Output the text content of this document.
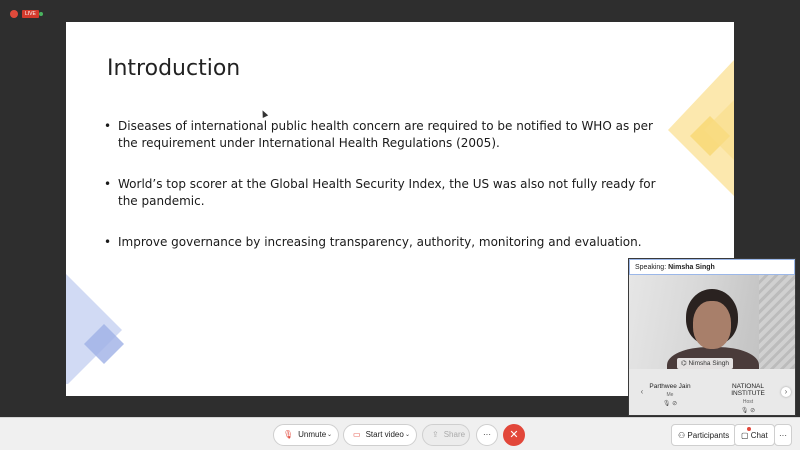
LIVE
Introduction
• Diseases of international public health concern are required to be notified to WHO as per the requirement under International Health Regulations (2005).
• World’s top scorer at the Global Health Security Index, the US was also not fully ready for the pandemic.
• Improve governance by increasing transparency, authority, monitoring and evaluation.
Speaking: Nimsha Singh
⌬ Nimsha Singh
‹
Parthwee Jain
Me
🎙 ⊘
NATIONAL INSTITUTE
Host
🎙 ⊘
›
🎙 Unmute ⌄	▭ Start video ⌄	⇪ Share	···	✕	⚇ Participants	▢ Chat	···
